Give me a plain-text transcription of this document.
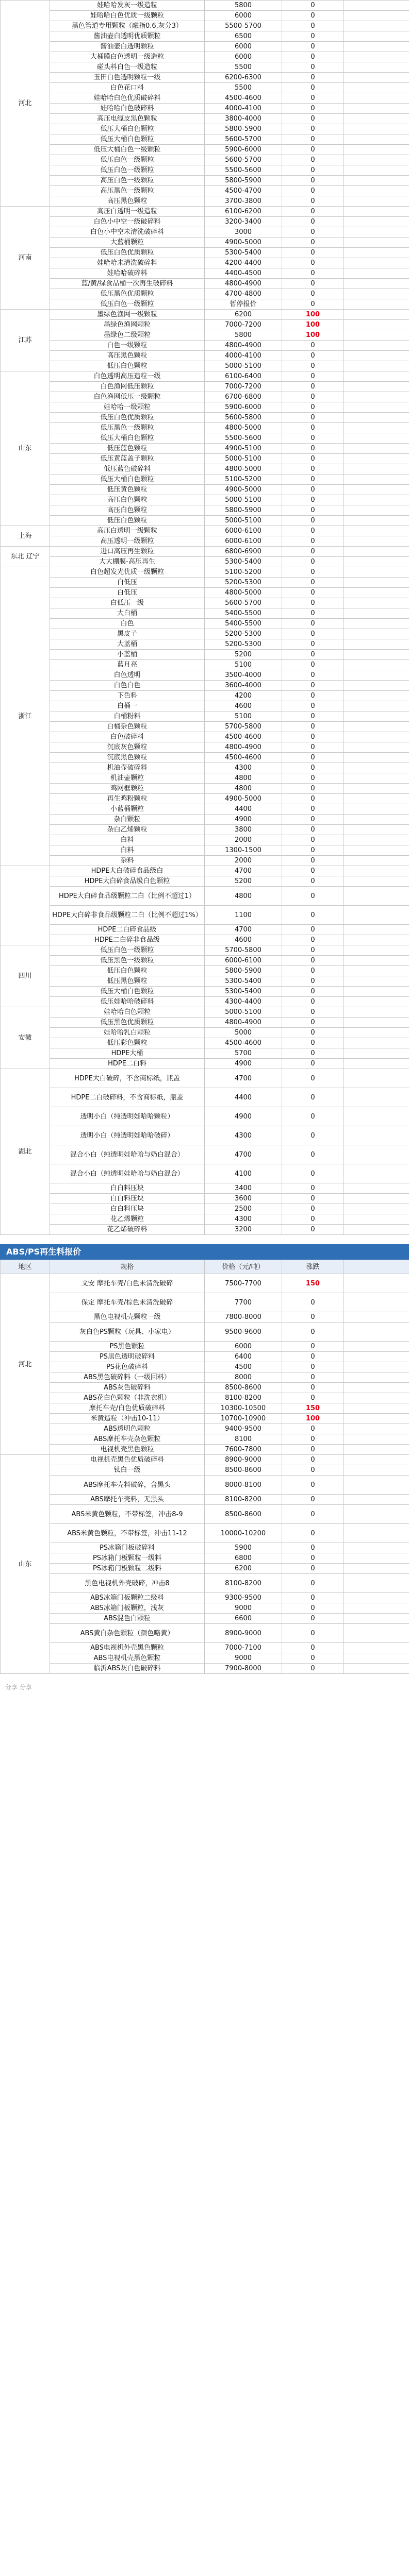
河北	娃哈哈发灰一级造粒	5800	0	
	娃哈哈白色优质一级颗粒	6000	0	
	黑色管道专用颗粒（融指0.6,灰分3）	5500-5700	0	
	酱油壶白透明优质颗粒	6500	0	
	酱油壶白透明颗粒	6000	0	
	大桶膜白色透明一级造粒	6000	0	
	碰头料白色一级造粒	5500	0	
	玉田白色透明颗粒一级	6200-6300	0	
	白色花口料	5500	0	
	娃哈哈白色优质破碎料	4500-4600	0	
	娃哈哈白色破碎料	4000-4100	0	
	高压电缆皮黑色颗粒	3800-4000	0	
	低压大桶白色颗粒	5800-5900	0	
	低压大桶白色颗粒	5600-5700	0	
	低压大桶白色一级颗粒	5900-6000	0	
	低压白色一级颗粒	5600-5700	0	
	低压白色一级颗粒	5500-5600	0	
	高压白色一级颗粒	5800-5900	0	
	高压黑色一级颗粒	4500-4700	0	
	高压黑色颗粒	3700-3800	0	
河南	高压白透明一级造粒	6100-6200	0	
	白色小中空一级破碎料	3200-3400	0	
	白色小中空未清洗破碎料	3000	0	
	大蓝桶颗粒	4900-5000	0	
	低压白色优质颗粒	5300-5400	0	
	娃哈哈未清洗破碎料	4200-4400	0	
	娃哈哈破碎料	4400-4500	0	
	蓝/黄/绿食品桶一次再生破碎料	4800-4900	0	
	低压黑色优质颗粒	4700-4800	0	
	低压白色一级颗粒	暂停报价	0	
江苏	墨绿色渔网一级颗粒	6200	100	
	墨绿色渔网颗粒	7000-7200	100	
	墨绿色二级颗粒	5800	100	
	白色一级颗粒	4800-4900	0	
	高压黑色颗粒	4000-4100	0	
	低压白色颗粒	5000-5100	0	
山东	白色透明高压造粒一级	6100-6400	0	
	白色渔网低压颗粒	7000-7200	0	
	白色渔网低压一级颗粒	6700-6800	0	
	娃哈哈一级颗粒	5900-6000	0	
	低压白色优质颗粒	5600-5800	0	
	低压黑色一级颗粒	4800-5000	0	
	低压大桶白色颗粒	5500-5600	0	
	低压蓝色颗粒	4900-5100	0	
	低压黄蓝盖子颗粒	5000-5100	0	
	低压蓝色破碎料	4800-5000	0	
	低压大桶白色颗粒	5100-5200	0	
	低压黄色颗粒	4900-5000	0	
	高压白色颗粒	5000-5100	0	
	高压白色颗粒	5800-5900	0	
	低压白色颗粒	5000-5100	0	
上海	高压白透明一级颗粒	6000-6100	0	
	高压透明一级颗粒	6000-6100	0	
东北 辽宁	进口高压再生颗粒	6800-6900	0	
	大大棚膜-高压再生	5300-5400	0	
浙江	白色超发光优质一级颗粒	5100-5200	0	
	白低压	5200-5300	0	
	白低压	4800-5000	0	
	白低压一级	5600-5700	0	
	大白桶	5400-5500	0	
	白色	5400-5500	0	
	黑皮子	5200-5300	0	
	大蓝桶	5200-5300	0	
	小蓝桶	5200	0	
	蓝月亮	5100	0	
	白色透明	3500-4000	0	
	白色白色	3600-4000	0	
	下色料	4200	0	
	白桶一	4600	0	
	白桶粉料	5100	0	
	白桶杂色颗粒	5700-5800	0	
	白色破碎料	4500-4600	0	
	沉底灰色颗粒	4800-4900	0	
	沉底黑色颗粒	4500-4600	0	
	机油壶破碎料	4300	0	
	机油壶颗粒	4800	0	
	鸡网框颗粒	4800	0	
	再生鸡粉颗粒	4900-5000	0	
	小蓝桶颗粒	4400	0	
	杂白颗粒	4900	0	
	杂白乙烯颗粒	3800	0	
	白料	2000	0	
	白料	1300-1500	0	
	杂料	2000	0	
	HDPE大白破碎食品级白	4700	0	
	HDPE大白碎食品级白色颗粒	5200	0	
	HDPE大白碎食品级颗粒二白（比例不超过1）	4800	0	
	HDPE大白碎非食品级颗粒二白（比例不超过1%）	1100	0	
	HDPE二白碎食品级	4700	0	
	HDPE二白碎非食品级	4600	0	
四川	低压白色一级颗粒	5700-5800	0	
	低压黑色一级颗粒	6000-6100	0	
	低压白色颗粒	5800-5900	0	
	低压黑色颗粒	5300-5400	0	
	低压大桶白色颗粒	5300-5400	0	
	低压娃哈哈破碎料	4300-4400	0	
安徽	娃哈哈白色颗粒	5000-5100	0	
	低压黑色优质颗粒	4800-4900	0	
	娃哈哈乳白颗粒	5000	0	
	低压彩色颗粒	4500-4600	0	
	HDPE大桶	5700	0	
	HDPE二白料	4900	0	
湖北	HDPE大白破碎，不含商标纸，瓶盖	4700	0	
	HDPE二白破碎料，不含商标纸，瓶盖	4400	0	
	透明小白（纯透明娃哈哈颗粒）	4900	0	
	透明小白（纯透明娃哈哈破碎）	4300	0	
	混合小白（纯透明娃哈哈与奶白混合）	4700	0	
	混合小白（纯透明娃哈哈与奶白混合）	4100	0	
	白白料压块	3400	0	
	白白料压块	3600	0	
	白白料压块	2500	0	
	花乙烯颗粒	4300	0	
	花乙烯破碎料	3200	0	
ABS/PS再生料报价
地区	规格	价格（元/吨）	涨跌	
河北	文安 摩托车壳/白色未清洗破碎	7500-7700	150	
	保定 摩托车壳/棕色未清洗破碎	7700	0	
	黑色电视机壳颗粒一级	7800-8000	0	
	灰白色PS颗粒（玩具、小家电）	9500-9600	0	
	PS黑色颗粒	6000	0	
	PS黑色透明破碎料	6400	0	
	PS花色破碎料	4500	0	
	ABS黑色破碎料（一级回料）	8000	0	
	ABS灰色破碎料	8500-8600	0	
	ABS花白色颗粒（非洗衣机）	8100-8200	0	
	摩托车壳/白色优质破碎料	10300-10500	150	
	米黄造粒（冲击10-11）	10700-10900	100	
	ABS透明色颗粒	9400-9500	0	
	ABS摩托车壳杂色颗粒	8100	0	
	电视机壳黑色颗粒	7600-7800	0	
山东	电视机壳黑色优质破碎料	8900-9000	0	
	钛白一级	8500-8600	0	
	ABS摩托车壳料破碎，含黑头	8000-8100	0	
	ABS摩托车壳料，无黑头	8100-8200	0	
	ABS米黄色颗粒，不带标签，冲击8-9	8500-8600	0	
	ABS米黄色颗粒，不带标签，冲击11-12	10000-10200	0	
	PS冰箱门板破碎料	5900	0	
	PS冰箱门板颗粒一级料	6800	0	
	PS冰箱门板颗粒二级料	6200	0	
	黑色电视机外壳破碎，冲击8	8100-8200	0	
	ABS冰箱门板颗粒二级料	9300-9500	0	
	ABS冰箱门板颗粒，浅灰	9000	0	
	ABS混色白颗粒	6600	0	
	ABS黄白杂色颗粒（颜色略黄）	8900-9000	0	
	ABS电视机外壳黑色颗粒	7000-7100	0	
	ABS电视机壳黑色颗粒	9000	0	
	临沂ABS灰白色破碎料	7900-8000	0	
分享 分享
